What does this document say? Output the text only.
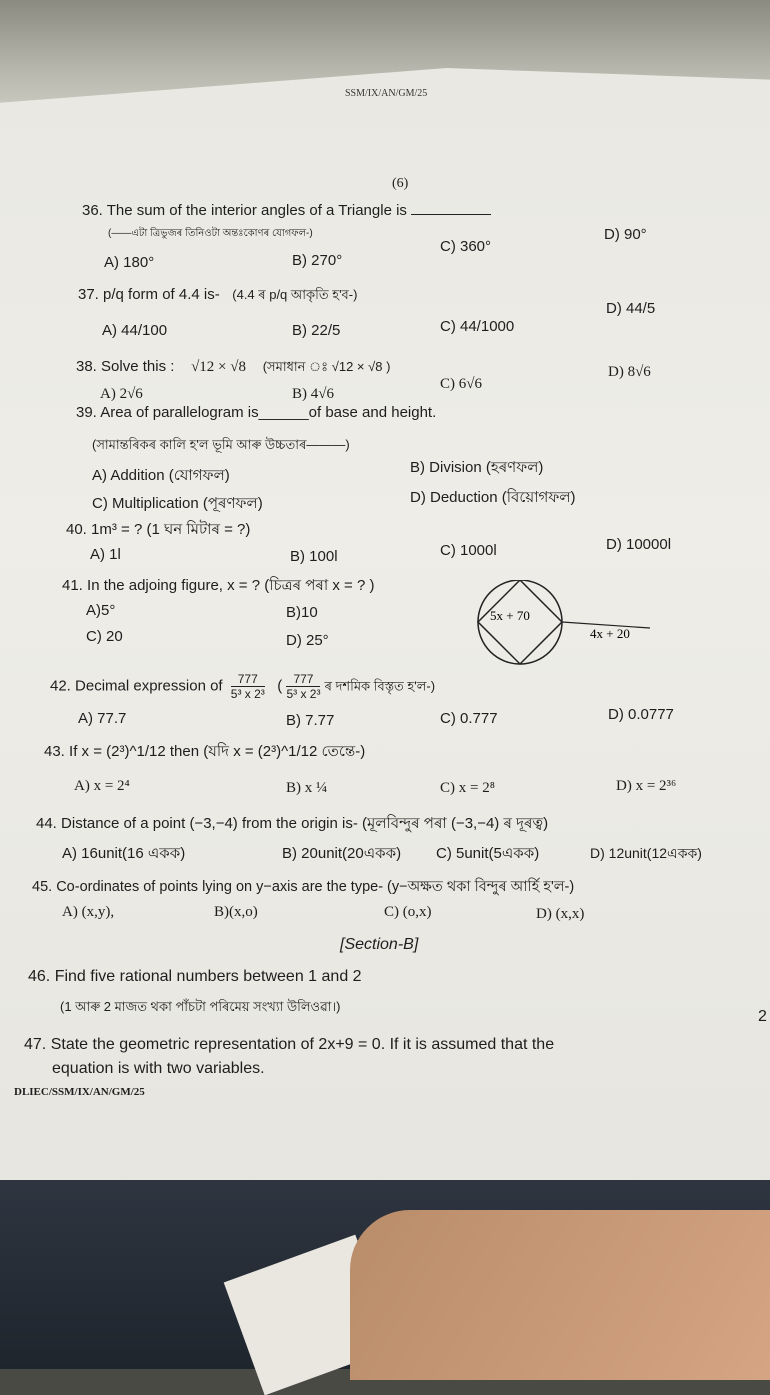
SSM/IX/AN/GM/25
(6)
36. The sum of the interior angles of a Triangle is
(——এটা ত্ৰিভুজৰ তিনিওটা অন্তঃকোণৰ যোগফল-)
A) 180°	B) 270°
C) 360°
D) 90°
37. p/q form of 4.4 is- (4.4 ৰ p/q আকৃতি হ'ব-)
A) 44/100	B) 22/5	C) 44/1000
D) 44/5
38. Solve this : √12 × √8 (সমাধান ঃ √12 × √8 )
A) 2√6	B) 4√6
C) 6√6
D) 8√6
39. Area of parallelogram is______of base and height.
(সামান্তৰিকৰ কালি হ'ল ভূমি আৰু উচ্চতাৰ———)
A) Addition (যোগফল)	B) Division (হৰণফল)
C) Multiplication (পূৰণফল)	D) Deduction (বিয়োগফল)
40. 1m³ = ? (1 ঘন মিটাৰ = ?)
A) 1l	B) 100l	C) 1000l	D) 10000l
41. In the adjoing figure, x = ? (চিত্ৰৰ পৰা x = ? )
A)5°	B)10
C) 20	D) 25°
5x + 70
4x + 20
42. Decimal expression of $\frac{777}{\text{5³ x 2³}}$ ( $\frac{777}{\text{5³ x 2³}}$ ৰ দশমিক বিস্তৃত হ'ল-)
A) 77.7	B) 7.77	C) 0.777	D) 0.0777
43. If x = (2³)^1/12 then (যদি x = (2³)^1/12 তেন্তে-)
A) x = 2⁴	B) x ¼	C) x = 2⁸	D) x = 2³⁶
44. Distance of a point (−3,−4) from the origin is- (মূলবিন্দুৰ পৰা (−3,−4) ৰ দূৰত্ব)
A) 16unit(16 একক)	B) 20unit(20একক) C) 5unit(5একক)	D) 12unit(12একক)
45. Co-ordinates of points lying on y−axis are the type- (y−অক্ষত থকা বিন্দুৰ আৰ্হি হ'ল-)
A) (x,y),	B)(x,o)	C) (o,x)	D) (x,x)
[Section-B]
46. Find five rational numbers between 1 and 2
(1 আৰু 2 মাজত থকা পাঁচটা পৰিমেয় সংখ্যা উলিওৱা।)
2
47. State the geometric representation of 2x+9 = 0. If it is assumed that the
equation is with two variables.
DLIEC/SSM/IX/AN/GM/25
